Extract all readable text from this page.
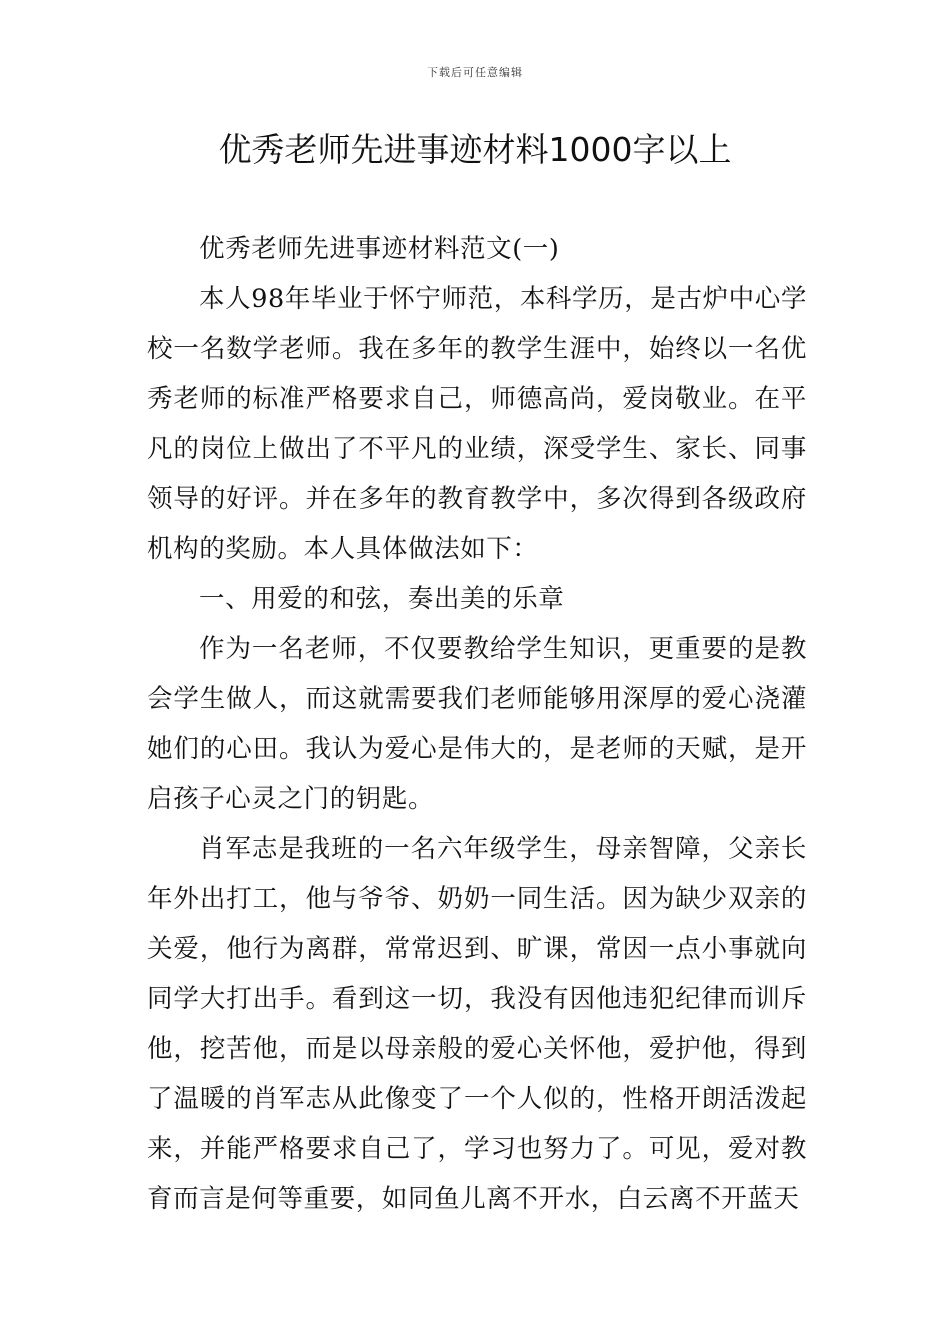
下载后可任意编辑
优秀老师先进事迹材料1000字以上

优秀老师先进事迹材料范文(一)

本人98年毕业于怀宁师范，本科学历，是古炉中心学校一名数学老师。我在多年的教学生涯中，始终以一名优秀老师的标准严格要求自己，师德高尚，爱岗敬业。在平凡的岗位上做出了不平凡的业绩，深受学生、家长、同事领导的好评。并在多年的教育教学中，多次得到各级政府机构的奖励。本人具体做法如下：

一、用爱的和弦，奏出美的乐章

作为一名老师，不仅要教给学生知识，更重要的是教会学生做人，而这就需要我们老师能够用深厚的爱心浇灌她们的心田。我认为爱心是伟大的，是老师的天赋，是开启孩子心灵之门的钥匙。

肖军志是我班的一名六年级学生，母亲智障，父亲长年外出打工，他与爷爷、奶奶一同生活。因为缺少双亲的关爱，他行为离群，常常迟到、旷课，常因一点小事就向同学大打出手。看到这一切，我没有因他违犯纪律而训斥他，挖苦他，而是以母亲般的爱心关怀他，爱护他，得到了温暖的肖军志从此像变了一个人似的，性格开朗活泼起来，并能严格要求自己了，学习也努力了。可见，爱对教育而言是何等重要，如同鱼儿离不开水，白云离不开蓝天
